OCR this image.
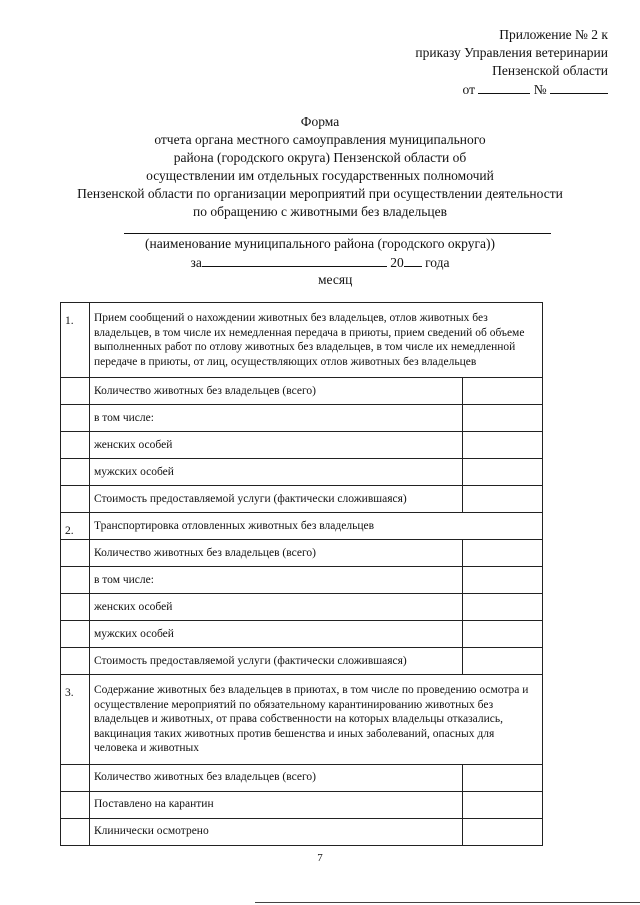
Приложение № 2 к
приказу Управления ветеринарии
Пензенской области
от	№
Форма
отчета органа местного самоуправления муниципального
района (городского округа) Пензенской области об
осуществлении им отдельных государственных полномочий
Пензенской области по организации мероприятий при осуществлении деятельности
по обращению с животными без владельцев
(наименование муниципального района (городского округа))
за	20 года
месяц
1.	Прием сообщений о нахождении животных без владельцев, отлов животных без владельцев, в том числе их немедленная передача в приюты, прием сведений об объеме выполненных работ по отлову животных без владельцев, в том числе их немедленной передаче в приюты, от лиц, осуществляющих отлов животных без владельцев	
	Количество животных без владельцев (всего)	
	в том числе:	
	женских особей	
	мужских особей	
	Стоимость предоставляемой услуги (фактически сложившаяся)	
2.	Транспортировка отловленных животных без владельцев	
	Количество животных без владельцев (всего)	
	в том числе:	
	женских особей	
	мужских особей	
	Стоимость предоставляемой услуги (фактически сложившаяся)	
3.	Содержание животных без владельцев в приютах, в том числе по проведению осмотра и осуществление мероприятий по обязательному карантинированию животных без владельцев и животных, от права собственности на которых владельцы отказались, вакцинация таких животных против бешенства и иных заболеваний, опасных для человека и животных	
	Количество животных без владельцев (всего)	
	Поставлено на карантин	
	Клинически осмотрено	
7
